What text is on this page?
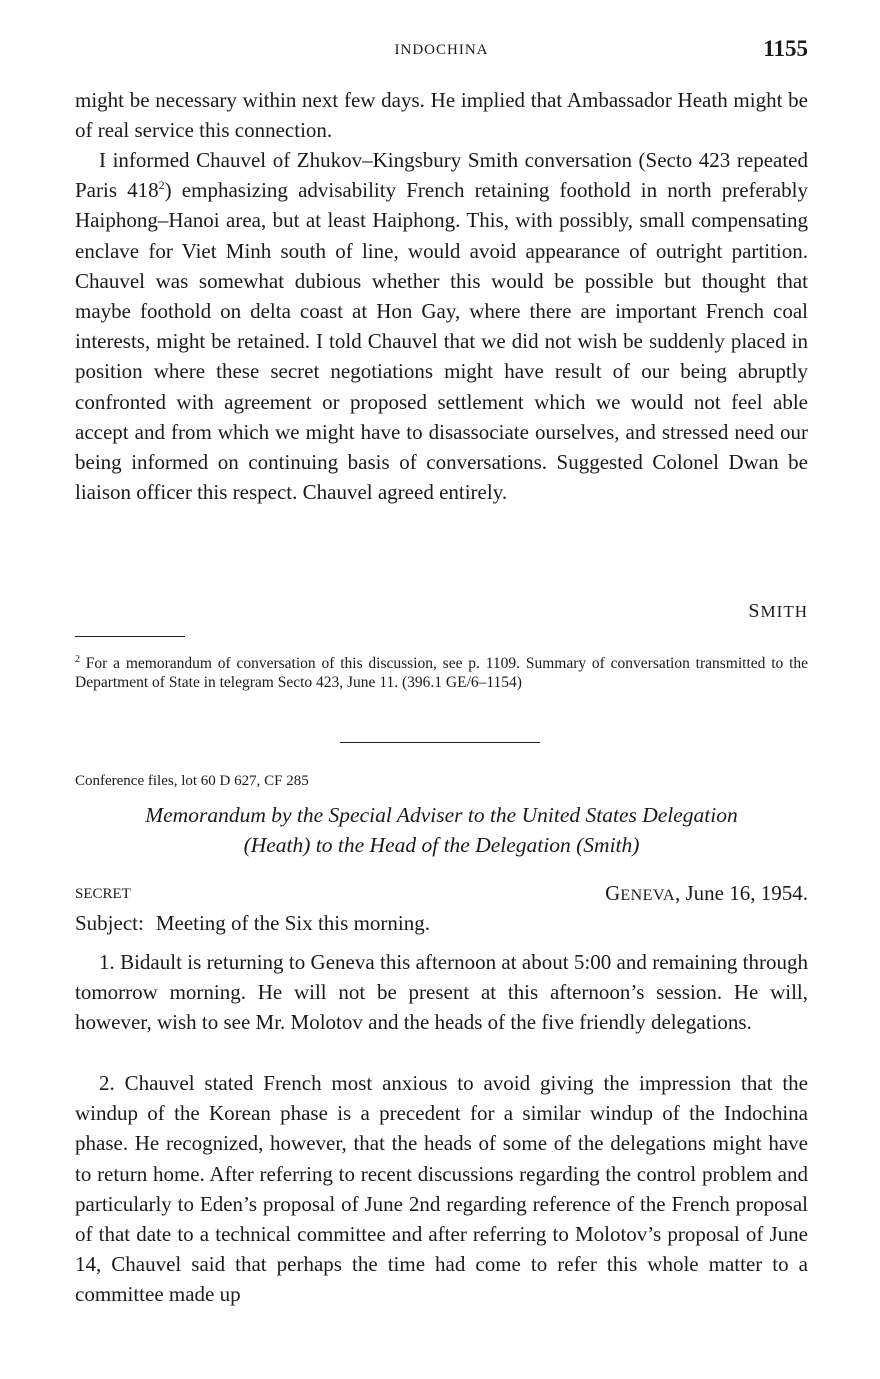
INDOCHINA	1155

might be necessary within next few days. He implied that Ambassador Heath might be of real service this connection.

I informed Chauvel of Zhukov–Kingsbury Smith conversation (Secto 423 repeated Paris $418^2$) emphasizing advisability French retaining foothold in north preferably Haiphong–Hanoi area, but at least Haiphong. This, with possibly, small compensating enclave for Viet Minh south of line, would avoid appearance of outright partition. Chauvel was somewhat dubious whether this would be possible but thought that maybe foothold on delta coast at Hon Gay, where there are important French coal interests, might be retained. I told Chauvel that we did not wish be suddenly placed in position where these secret negotiations might have result of our being abruptly confronted with agreement or proposed settlement which we would not feel able accept and from which we might have to disassociate ourselves, and stressed need our being informed on continuing basis of conversations. Suggested Colonel Dwan be liaison officer this respect. Chauvel agreed entirely.

SMITH

$^2$ For a memorandum of conversation of this discussion, see p. 1109. Summary of conversation transmitted to the Department of State in telegram Secto 423, June 11. (396.1 GE/6–1154)

Conference files, lot 60 D 627, CF 285

Memorandum by the Special Adviser to the United States Delegation
(Heath) to the Head of the Delegation (Smith)

SECRET	GENEVA, June 16, 1954.
Subject: Meeting of the Six this morning.

1. Bidault is returning to Geneva this afternoon at about 5:00 and remaining through tomorrow morning. He will not be present at this afternoon’s session. He will, however, wish to see Mr. Molotov and the heads of the five friendly delegations.

2. Chauvel stated French most anxious to avoid giving the impression that the windup of the Korean phase is a precedent for a similar windup of the Indochina phase. He recognized, however, that the heads of some of the delegations might have to return home. After referring to recent discussions regarding the control problem and particularly to Eden’s proposal of June 2nd regarding reference of the French proposal of that date to a technical committee and after referring to Molotov’s proposal of June 14, Chauvel said that perhaps the time had come to refer this whole matter to a committee made up
